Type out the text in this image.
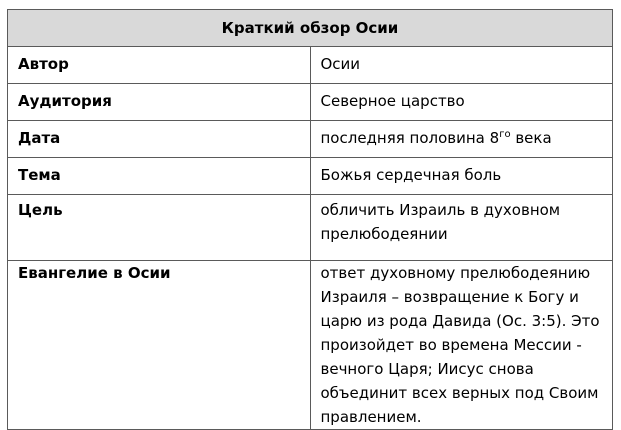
Краткий обзор Осии	
Автор	Осии
Аудитория	Северное царство
Дата	последняя половина $8^{го}$ века
Тема	Божья сердечная боль
Цель	обличить Израиль в духовном прелюбодеянии
Евангелие в Осии	ответ духовному прелюбодеянию Израиля – возвращение к Богу и царю из рода Давида (Ос. 3:5). Это произойдет во времена Мессии - вечного Царя; Иисус снова объединит всех верных под Своим правлением.
